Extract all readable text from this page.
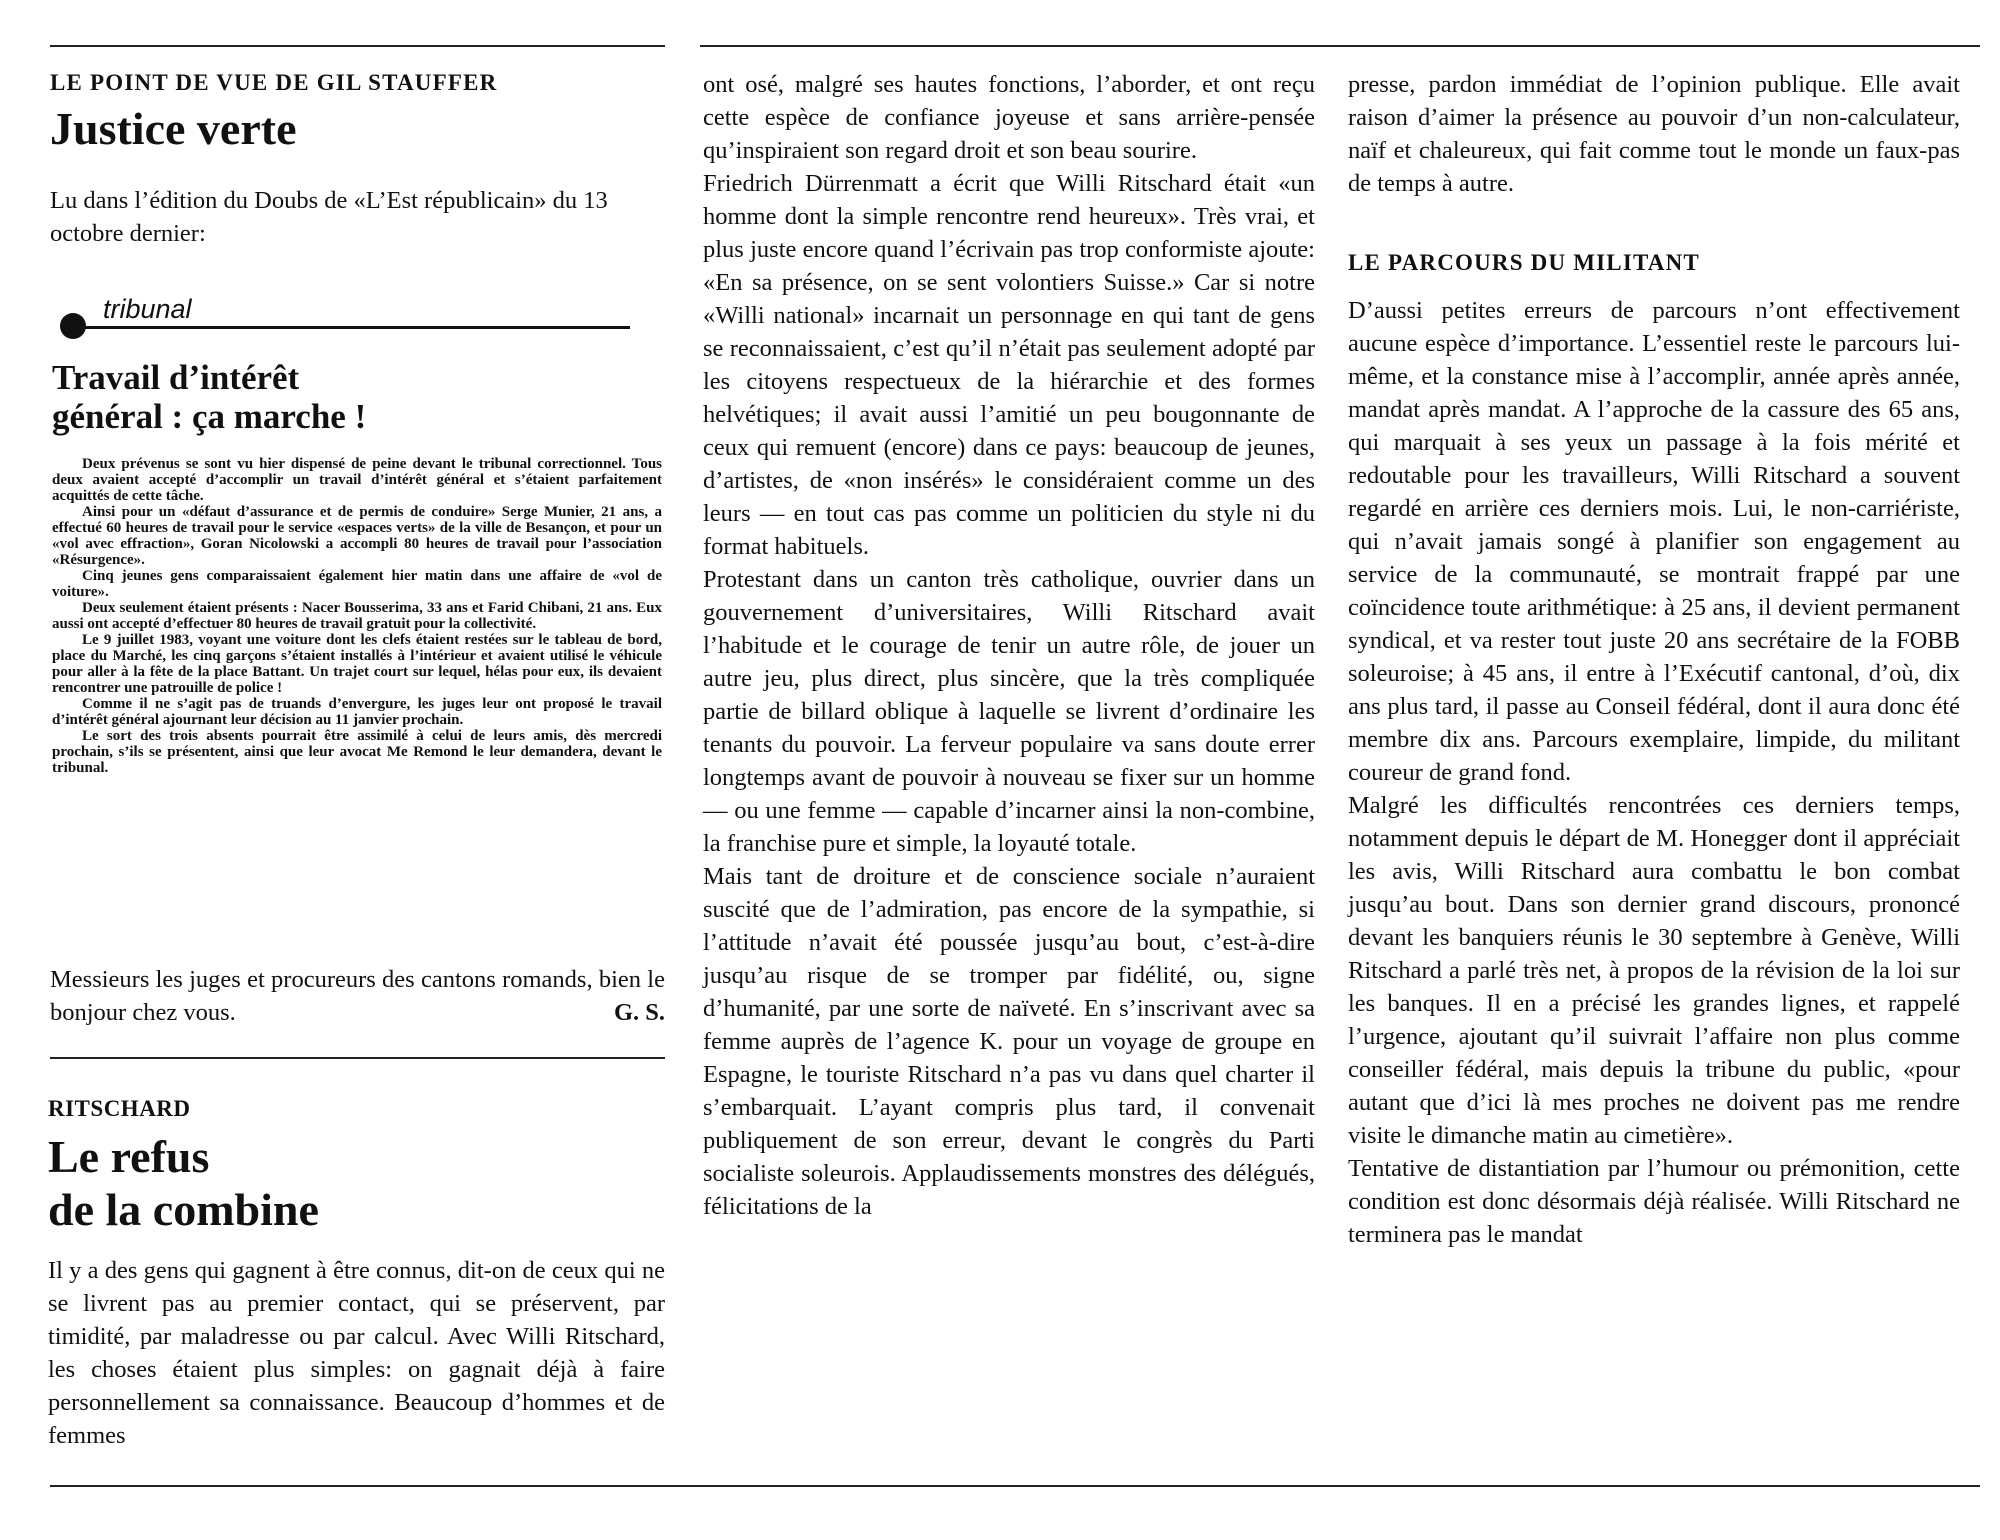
LE POINT DE VUE DE GIL STAUFFER
Justice verte

Lu dans l’édition du Doubs de «L’Est républicain» du 13 octobre dernier:

tribunal
Travail d’intérêt
général : ça marche !

Deux prévenus se sont vu hier dispensé de peine devant le tribunal correctionnel. Tous deux avaient accepté d’accomplir un travail d’intérêt général et s’étaient parfaitement acquittés de cette tâche.

Ainsi pour un «défaut d’assurance et de permis de conduire» Serge Munier, 21 ans, a effectué 60 heures de travail pour le service «espaces verts» de la ville de Besançon, et pour un «vol avec effraction», Goran Nicolowski a accompli 80 heures de travail pour l’association «Résurgence».

Cinq jeunes gens comparaissaient également hier matin dans une affaire de «vol de voiture».

Deux seulement étaient présents : Nacer Bousserima, 33 ans et Farid Chibani, 21 ans. Eux aussi ont accepté d’effectuer 80 heures de travail gratuit pour la collectivité.

Le 9 juillet 1983, voyant une voiture dont les clefs étaient restées sur le tableau de bord, place du Marché, les cinq garçons s’étaient installés à l’intérieur et avaient utilisé le véhicule pour aller à la fête de la place Battant. Un trajet court sur lequel, hélas pour eux, ils devaient rencontrer une patrouille de police !

Comme il ne s’agit pas de truands d’envergure, les juges leur ont proposé le travail d’intérêt général ajournant leur décision au 11 janvier prochain.

Le sort des trois absents pourrait être assimilé à celui de leurs amis, dès mercredi prochain, s’ils se présentent, ainsi que leur avocat Me Remond le leur demandera, devant le tribunal.

Messieurs les juges et procureurs des cantons romands, bien le bonjour chez vous.	G. S.

RITSCHARD
Le refus
de la combine

Il y a des gens qui gagnent à être connus, dit-on de ceux qui ne se livrent pas au premier contact, qui se préservent, par timidité, par maladresse ou par calcul. Avec Willi Ritschard, les choses étaient plus simples: on gagnait déjà à faire personnellement sa connaissance. Beaucoup d’hommes et de femmes

ont osé, malgré ses hautes fonctions, l’aborder, et ont reçu cette espèce de confiance joyeuse et sans arrière-pensée qu’inspiraient son regard droit et son beau sourire.

Friedrich Dürrenmatt a écrit que Willi Ritschard était «un homme dont la simple rencontre rend heureux». Très vrai, et plus juste encore quand l’écrivain pas trop conformiste ajoute: «En sa présence, on se sent volontiers Suisse.» Car si notre «Willi national» incarnait un personnage en qui tant de gens se reconnaissaient, c’est qu’il n’était pas seulement adopté par les citoyens respectueux de la hiérarchie et des formes helvétiques; il avait aussi l’amitié un peu bougonnante de ceux qui remuent (encore) dans ce pays: beaucoup de jeunes, d’artistes, de «non insérés» le considéraient comme un des leurs — en tout cas pas comme un politicien du style ni du format habituels.

Protestant dans un canton très catholique, ouvrier dans un gouvernement d’universitaires, Willi Ritschard avait l’habitude et le courage de tenir un autre rôle, de jouer un autre jeu, plus direct, plus sincère, que la très compliquée partie de billard oblique à laquelle se livrent d’ordinaire les tenants du pouvoir. La ferveur populaire va sans doute errer longtemps avant de pouvoir à nouveau se fixer sur un homme — ou une femme — capable d’incarner ainsi la non-combine, la franchise pure et simple, la loyauté totale.

Mais tant de droiture et de conscience sociale n’auraient suscité que de l’admiration, pas encore de la sympathie, si l’attitude n’avait été poussée jusqu’au bout, c’est-à-dire jusqu’au risque de se tromper par fidélité, ou, signe d’humanité, par une sorte de naïveté. En s’inscrivant avec sa femme auprès de l’agence K. pour un voyage de groupe en Espagne, le touriste Ritschard n’a pas vu dans quel charter il s’embarquait. L’ayant compris plus tard, il convenait publiquement de son erreur, devant le congrès du Parti socialiste soleurois. Applaudissements monstres des délégués, félicitations de la

presse, pardon immédiat de l’opinion publique. Elle avait raison d’aimer la présence au pouvoir d’un non-calculateur, naïf et chaleureux, qui fait comme tout le monde un faux-pas de temps à autre.

LE PARCOURS DU MILITANT

D’aussi petites erreurs de parcours n’ont effectivement aucune espèce d’importance. L’essentiel reste le parcours lui-même, et la constance mise à l’accomplir, année après année, mandat après mandat. A l’approche de la cassure des 65 ans, qui marquait à ses yeux un passage à la fois mérité et redoutable pour les travailleurs, Willi Ritschard a souvent regardé en arrière ces derniers mois. Lui, le non-carriériste, qui n’avait jamais songé à planifier son engagement au service de la communauté, se montrait frappé par une coïncidence toute arithmétique: à 25 ans, il devient permanent syndical, et va rester tout juste 20 ans secrétaire de la FOBB soleuroise; à 45 ans, il entre à l’Exécutif cantonal, d’où, dix ans plus tard, il passe au Conseil fédéral, dont il aura donc été membre dix ans. Parcours exemplaire, limpide, du militant coureur de grand fond.

Malgré les difficultés rencontrées ces derniers temps, notamment depuis le départ de M. Honegger dont il appréciait les avis, Willi Ritschard aura combattu le bon combat jusqu’au bout. Dans son dernier grand discours, prononcé devant les banquiers réunis le 30 septembre à Genève, Willi Ritschard a parlé très net, à propos de la révision de la loi sur les banques. Il en a précisé les grandes lignes, et rappelé l’urgence, ajoutant qu’il suivrait l’affaire non plus comme conseiller fédéral, mais depuis la tribune du public, «pour autant que d’ici là mes proches ne doivent pas me rendre visite le dimanche matin au cimetière».

Tentative de distantiation par l’humour ou prémonition, cette condition est donc désormais déjà réalisée. Willi Ritschard ne terminera pas le mandat
